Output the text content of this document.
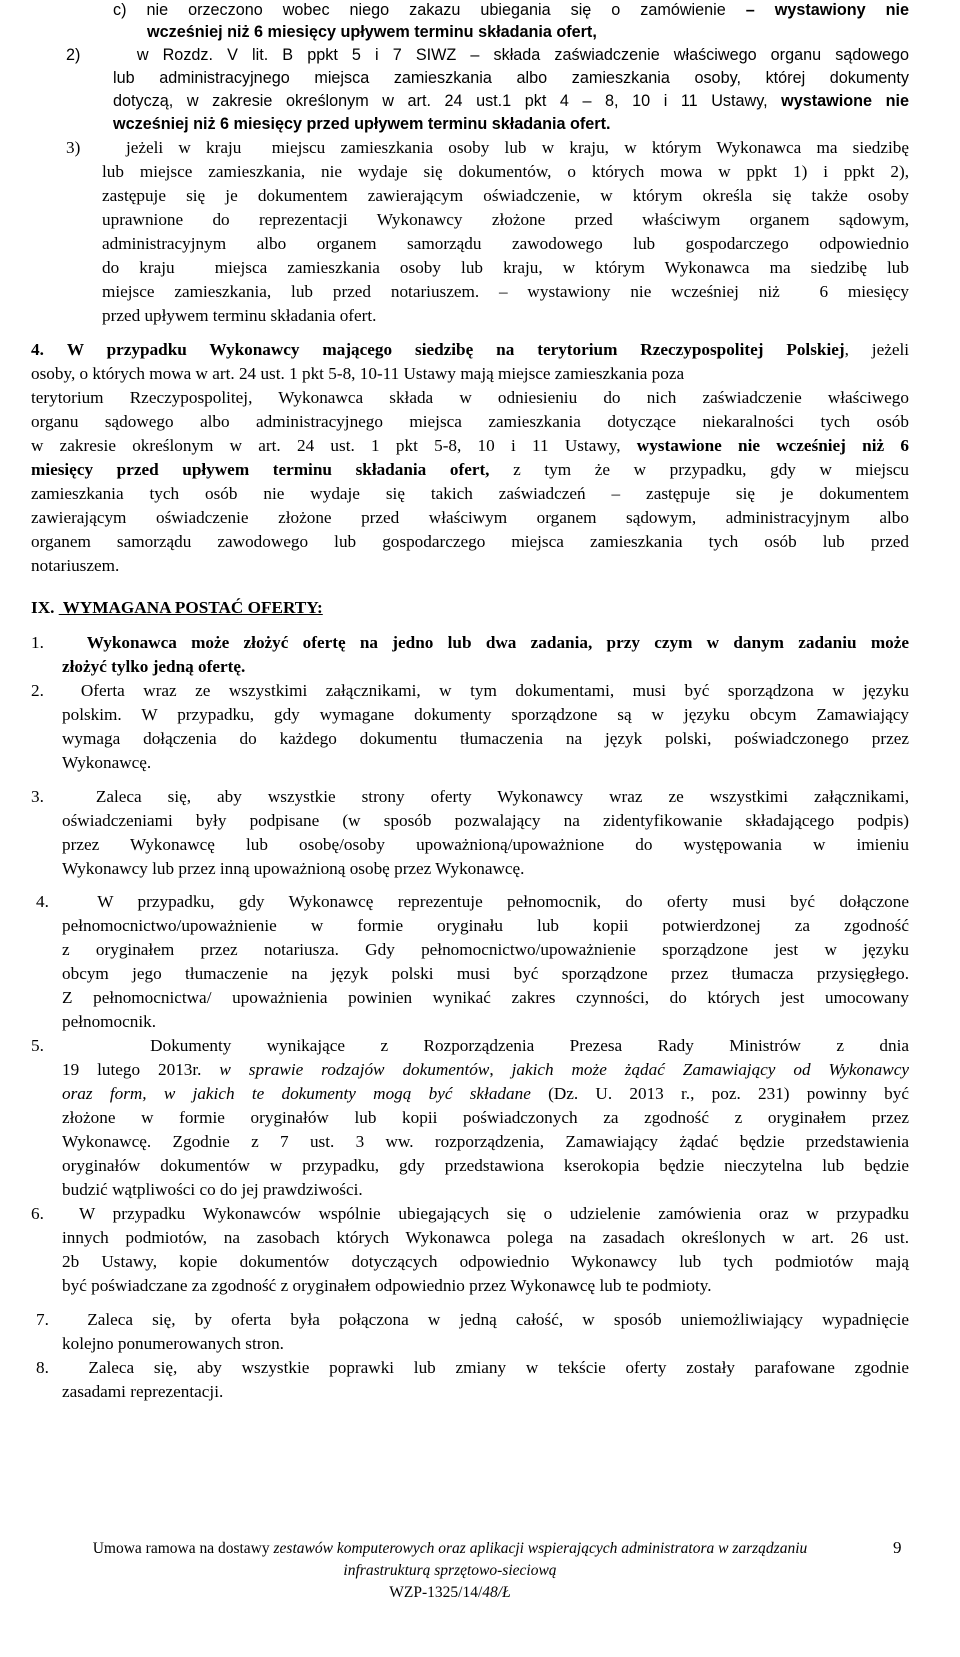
c) nie orzeczono wobec niego zakazu ubiegania się o zamówienie – wystawiony nie
wcześniej niż 6 miesięcy upływem terminu składania ofert,
2)    w Rozdz. V lit. B ppkt 5 i 7 SIWZ – składa zaświadczenie właściwego organu sądowego
lub administracyjnego miejsca zamieszkania albo zamieszkania osoby, której dokumenty
dotyczą, w zakresie określonym w art. 24 ust.1 pkt 4 – 8, 10 i 11 Ustawy, wystawione nie
wcześniej niż 6 miesięcy przed upływem terminu składania ofert.
3)   jeżeli w kraju  miejscu zamieszkania osoby lub w kraju, w którym Wykonawca ma siedzibę
lub miejsce zamieszkania, nie wydaje się dokumentów, o których mowa w ppkt 1) i ppkt 2),
zastępuje się je dokumentem zawierającym oświadczenie, w którym określa się także osoby
uprawnione do reprezentacji Wykonawcy złożone przed właściwym organem sądowym,
administracyjnym albo organem samorządu zawodowego lub gospodarczego odpowiednio
do kraju  miejsca zamieszkania osoby lub kraju, w którym Wykonawca ma siedzibę lub
miejsce zamieszkania, lub przed notariuszem. – wystawiony nie wcześniej niż  6 miesięcy
przed upływem terminu składania ofert.
4. W przypadku Wykonawcy mającego siedzibę na terytorium Rzeczypospolitej Polskiej, jeżeli
osoby, o których mowa w art. 24 ust. 1 pkt 5-8, 10-11 Ustawy mają miejsce zamieszkania poza
terytorium Rzeczypospolitej, Wykonawca składa w odniesieniu do nich zaświadczenie właściwego
organu sądowego albo administracyjnego miejsca zamieszkania dotyczące niekaralności tych osób
w zakresie określonym w art. 24 ust. 1 pkt 5-8, 10 i 11 Ustawy, wystawione nie wcześniej niż 6
miesięcy przed upływem terminu składania ofert, z tym że w przypadku, gdy w miejscu
zamieszkania tych osób nie wydaje się takich zaświadczeń – zastępuje się je dokumentem
zawierającym oświadczenie złożone przed właściwym organem sądowym, administracyjnym albo
organem samorządu zawodowego lub gospodarczego miejsca zamieszkania tych osób lub przed
notariuszem.
IX.  WYMAGANA POSTAĆ OFERTY:
1.   Wykonawca może złożyć ofertę na jedno lub dwa zadania, przy czym w danym zadaniu może
złożyć tylko jedną ofertę.
2.  Oferta wraz ze wszystkimi załącznikami, w tym dokumentami, musi być sporządzona w języku
polskim. W przypadku, gdy wymagane dokumenty sporządzone są w języku obcym Zamawiający
wymaga dołączenia do każdego dokumentu tłumaczenia na język polski, poświadczonego przez
Wykonawcę.
3.  Zaleca się, aby wszystkie strony oferty Wykonawcy wraz ze wszystkimi załącznikami,
oświadczeniami były podpisane (w sposób pozwalający na zidentyfikowanie składającego podpis)
przez Wykonawcę lub osobę/osoby upoważnioną/upoważnione do występowania w imieniu
Wykonawcy lub przez inną upoważnioną osobę przez Wykonawcę.
4.  W przypadku, gdy Wykonawcę reprezentuje pełnomocnik, do oferty musi być dołączone
pełnomocnictwo/upoważnienie w formie oryginału lub kopii potwierdzonej za zgodność
z oryginałem przez notariusza. Gdy pełnomocnictwo/upoważnienie sporządzone jest w języku
obcym jego tłumaczenie na język polski musi być sporządzone przez tłumacza przysięgłego.
Z pełnomocnictwa/ upoważnienia powinien wynikać zakres czynności, do których jest umocowany
pełnomocnik.
5.   Dokumenty wynikające z Rozporządzenia Prezesa Rady Ministrów z dnia
19 lutego 2013r. w sprawie rodzajów dokumentów, jakich może żądać Zamawiający od Wykonawcy
oraz form, w jakich te dokumenty mogą być składane (Dz. U. 2013 r., poz. 231) powinny być
złożone w formie oryginałów lub kopii poświadczonych za zgodność z oryginałem przez
Wykonawcę. Zgodnie z 7 ust. 3 ww. rozporządzenia, Zamawiający żądać będzie przedstawienia
oryginałów dokumentów w przypadku, gdy przedstawiona kserokopia będzie nieczytelna lub będzie
budzić wątpliwości co do jej prawdziwości.
6.  W przypadku Wykonawców wspólnie ubiegających się o udzielenie zamówienia oraz w przypadku
innych podmiotów, na zasobach których Wykonawca polega na zasadach określonych w art. 26 ust.
2b Ustawy, kopie dokumentów dotyczących odpowiednio Wykonawcy lub tych podmiotów mają
być poświadczane za zgodność z oryginałem odpowiednio przez Wykonawcę lub te podmioty.
7.  Zaleca się, by oferta była połączona w jedną całość, w sposób uniemożliwiający wypadnięcie
kolejno ponumerowanych stron.
8.  Zaleca się, aby wszystkie poprawki lub zmiany w tekście oferty zostały parafowane zgodnie
zasadami reprezentacji.
Umowa ramowa na dostawy zestawów komputerowych oraz aplikacji wspierających administratora w zarządzaniu
infrastrukturą sprzętowo-sieciową
WZP-1325/14/48/Ł
9
